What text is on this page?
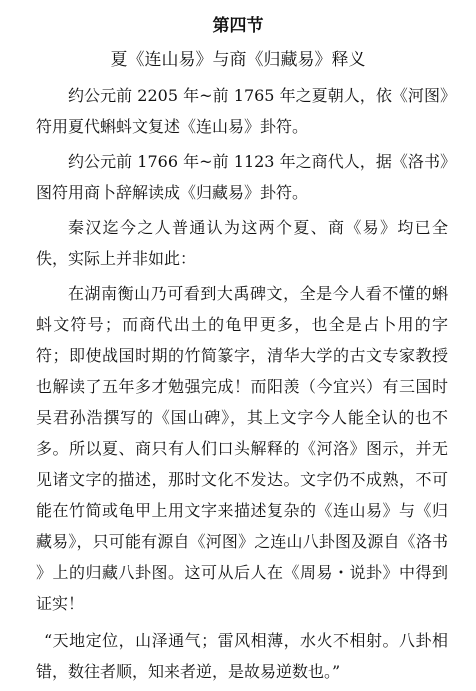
第四节
夏《连山易》与商《归藏易》释义

约公元前 2205 年~前 1765 年之夏朝人，依《河图》符用夏代蝌蚪文复述《连山易》卦符。

约公元前 1766 年~前 1123 年之商代人，据《洛书》图符用商卜辞解读成《归藏易》卦符。

秦汉迄今之人普通认为这两个夏、商《易》均已全佚，实际上并非如此：

在湖南衡山乃可看到大禹碑文，全是今人看不懂的蝌蚪文符号；而商代出土的龟甲更多，也全是占卜用的字符；即使战国时期的竹简篆字，清华大学的古文专家教授也解读了五年多才勉强完成！而阳羡（今宜兴）有三国时吴君孙浩撰写的《国山碑》，其上文字今人能全认的也不多。所以夏、商只有人们口头解释的《河洛》图示，并无见诸文字的描述，那时文化不发达。文字仍不成熟，不可能在竹简或龟甲上用文字来描述复杂的《连山易》与《归藏易》，只可能有源自《河图》之连山八卦图及源自《洛书 》上的归藏八卦图。这可从后人在《周易・说卦》中得到证实！

“天地定位，山泽通气；雷风相薄，水火不相射。八卦相错，数往者顺，知来者逆，是故易逆数也。”
